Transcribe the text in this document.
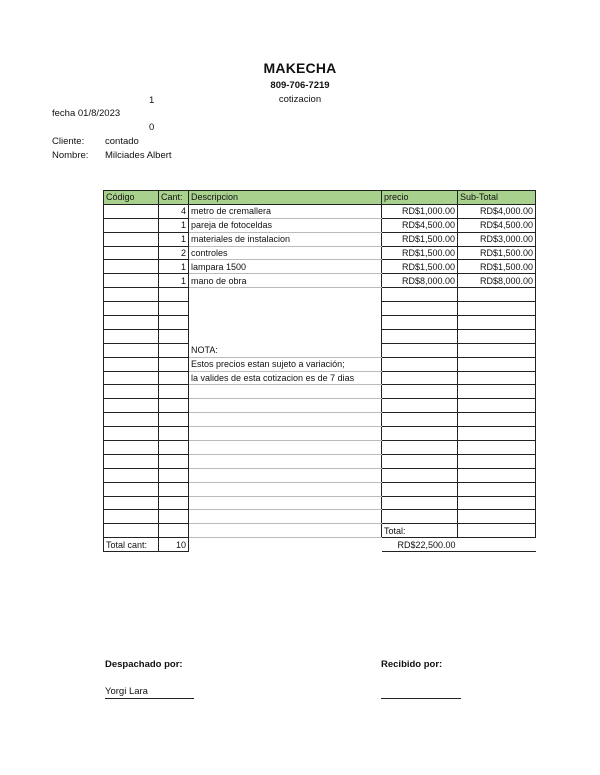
MAKECHA
809-706-7219
cotizacion
1
fecha 01/8/2023
0
Cliente: contado
Nombre: Milciades Albert
Código	Cant:	Descripcion	precio	Sub-Total
	4	metro de cremallera	RD$1,000.00	RD$4,000.00
	1	pareja de fotoceldas	RD$4,500.00	RD$4,500.00
	1	materiales de instalacion	RD$1,500.00	RD$3,000.00
	2	controles	RD$1,500.00	RD$1,500.00
	1	lampara 1500	RD$1,500.00	RD$1,500.00
	1	mano de obra	RD$8,000.00	RD$8,000.00

		NOTA:		
		Estos precios estan sujeto a variación;		
		la valides de esta cotizacion es de 7 dias		

			Total:	
Total cant:	10		RD$22,500.00	
Despachado por:
Yorgi Lara
Recibido por:
